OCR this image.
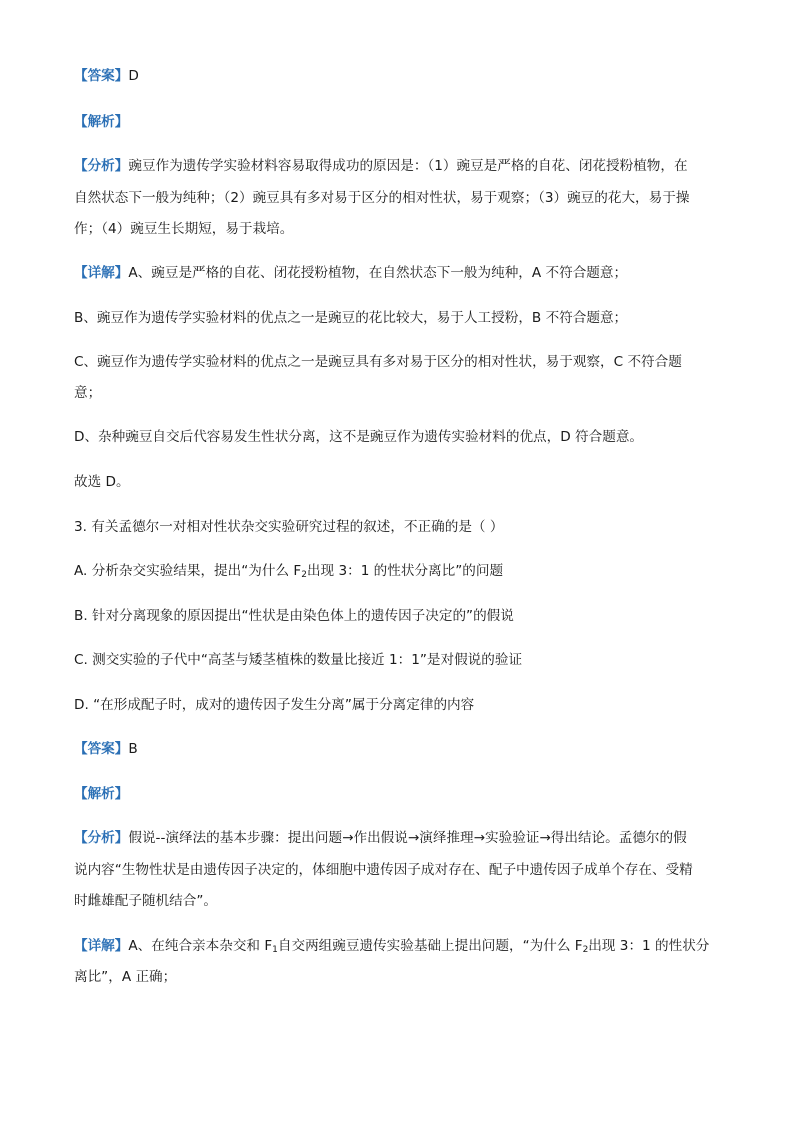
【答案】D
【解析】
【分析】豌豆作为遗传学实验材料容易取得成功的原因是：（1）豌豆是严格的自花、闭花授粉植物，在
自然状态下一般为纯种；（2）豌豆具有多对易于区分的相对性状，易于观察；（3）豌豆的花大，易于操
作；（4）豌豆生长期短，易于栽培。
【详解】A、豌豆是严格的自花、闭花授粉植物，在自然状态下一般为纯种，A 不符合题意；
B、豌豆作为遗传学实验材料的优点之一是豌豆的花比较大，易于人工授粉，B 不符合题意；
C、豌豆作为遗传学实验材料的优点之一是豌豆具有多对易于区分的相对性状，易于观察，C 不符合题
意；
D、杂种豌豆自交后代容易发生性状分离，这不是豌豆作为遗传实验材料的优点，D 符合题意。
故选 D。
3. 有关孟德尔一对相对性状杂交实验研究过程的叙述，不正确的是（ ）
A. 分析杂交实验结果，提出“为什么 $F_2$出现 3：1 的性状分离比”的问题
B. 针对分离现象的原因提出“性状是由染色体上的遗传因子决定的”的假说
C. 测交实验的子代中“高茎与矮茎植株的数量比接近 1：1”是对假说的验证
D. “在形成配子时，成对的遗传因子发生分离”属于分离定律的内容
【答案】B
【解析】
【分析】假说--演绎法的基本步骤：提出问题→作出假说→演绎推理→实验验证→得出结论。孟德尔的假
说内容“生物性状是由遗传因子决定的，体细胞中遗传因子成对存在、配子中遗传因子成单个存在、受精
时雌雄配子随机结合”。
【详解】A、在纯合亲本杂交和 $F_1$自交两组豌豆遗传实验基础上提出问题，“为什么 $F_2$出现 3：1 的性状分
离比”，A 正确；
